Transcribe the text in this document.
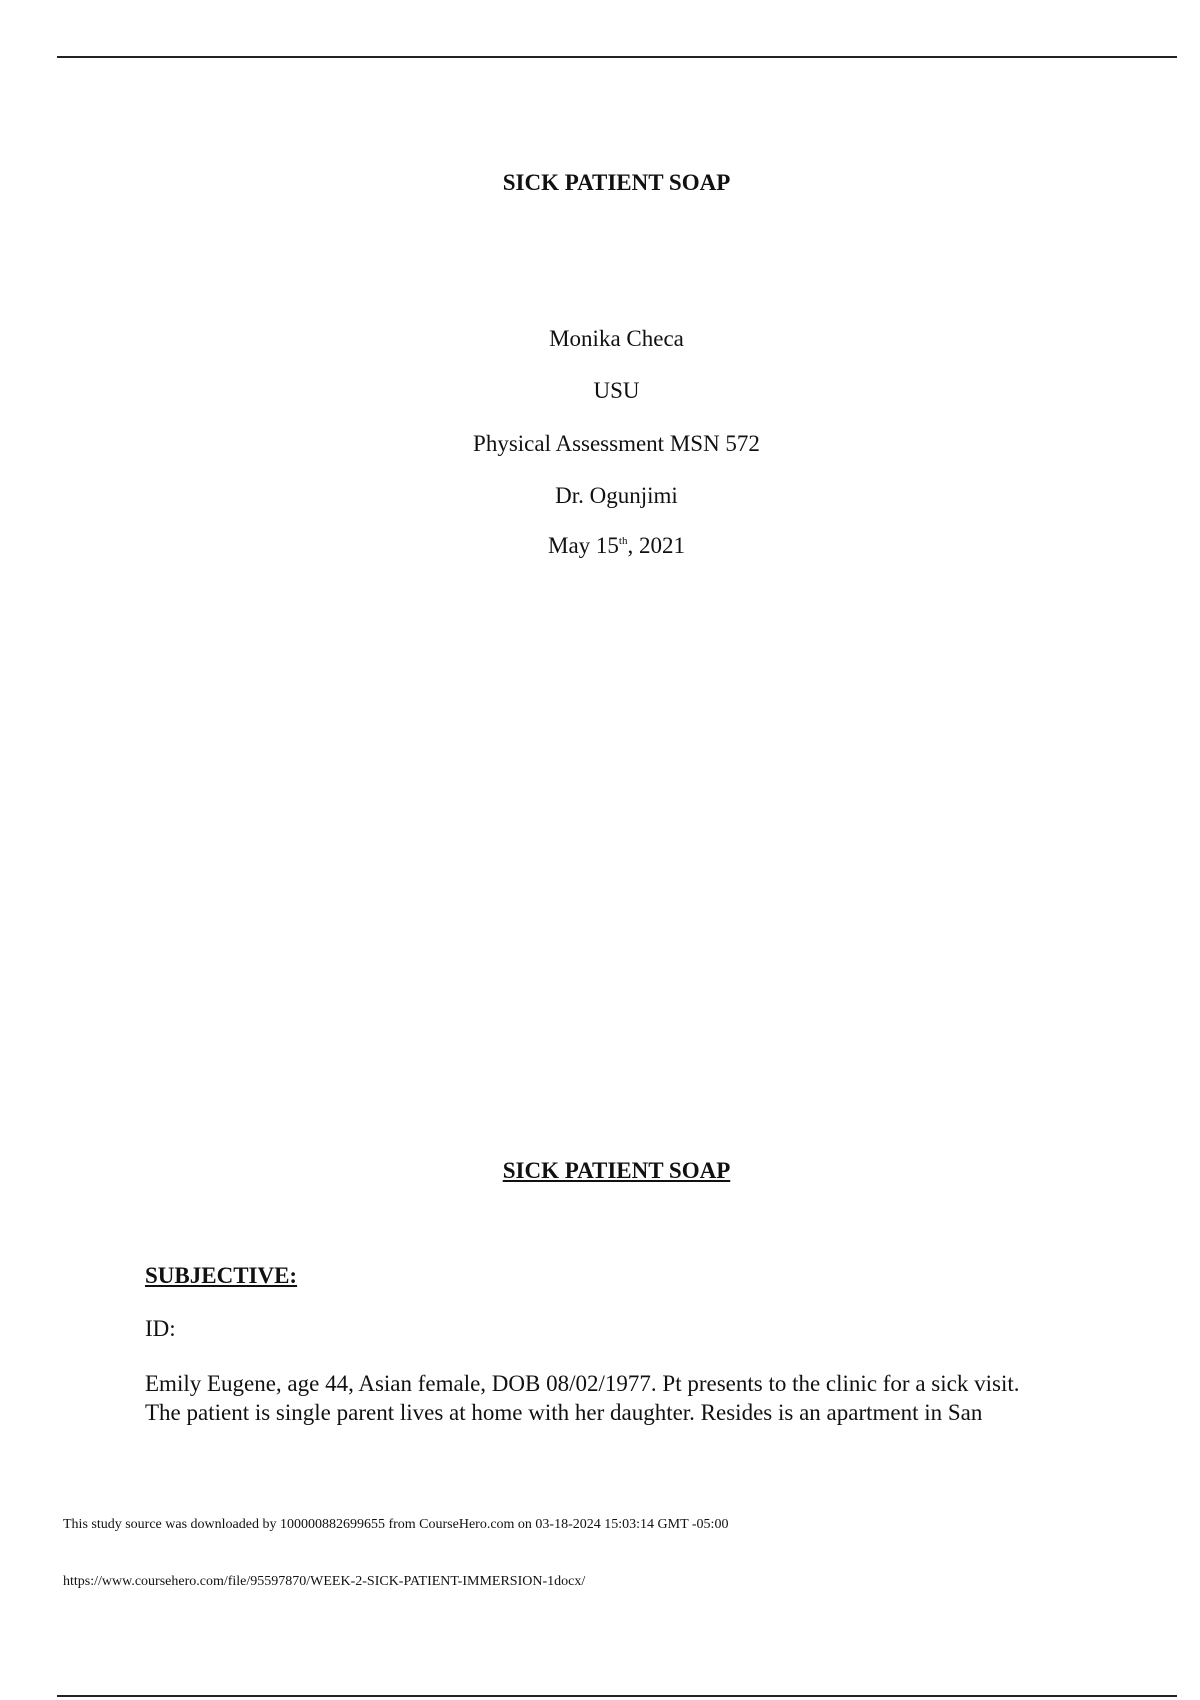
SICK PATIENT SOAP
Monika Checa
USU
Physical Assessment MSN 572
Dr. Ogunjimi
May 15th, 2021
SICK PATIENT SOAP
SUBJECTIVE:
ID:
Emily Eugene, age 44, Asian female, DOB 08/02/1977. Pt presents to the clinic for a sick visit.
The patient is single parent lives at home with her daughter. Resides is an apartment in San
This study source was downloaded by 100000882699655 from CourseHero.com on 03-18-2024 15:03:14 GMT -05:00
https://www.coursehero.com/file/95597870/WEEK-2-SICK-PATIENT-IMMERSION-1docx/
